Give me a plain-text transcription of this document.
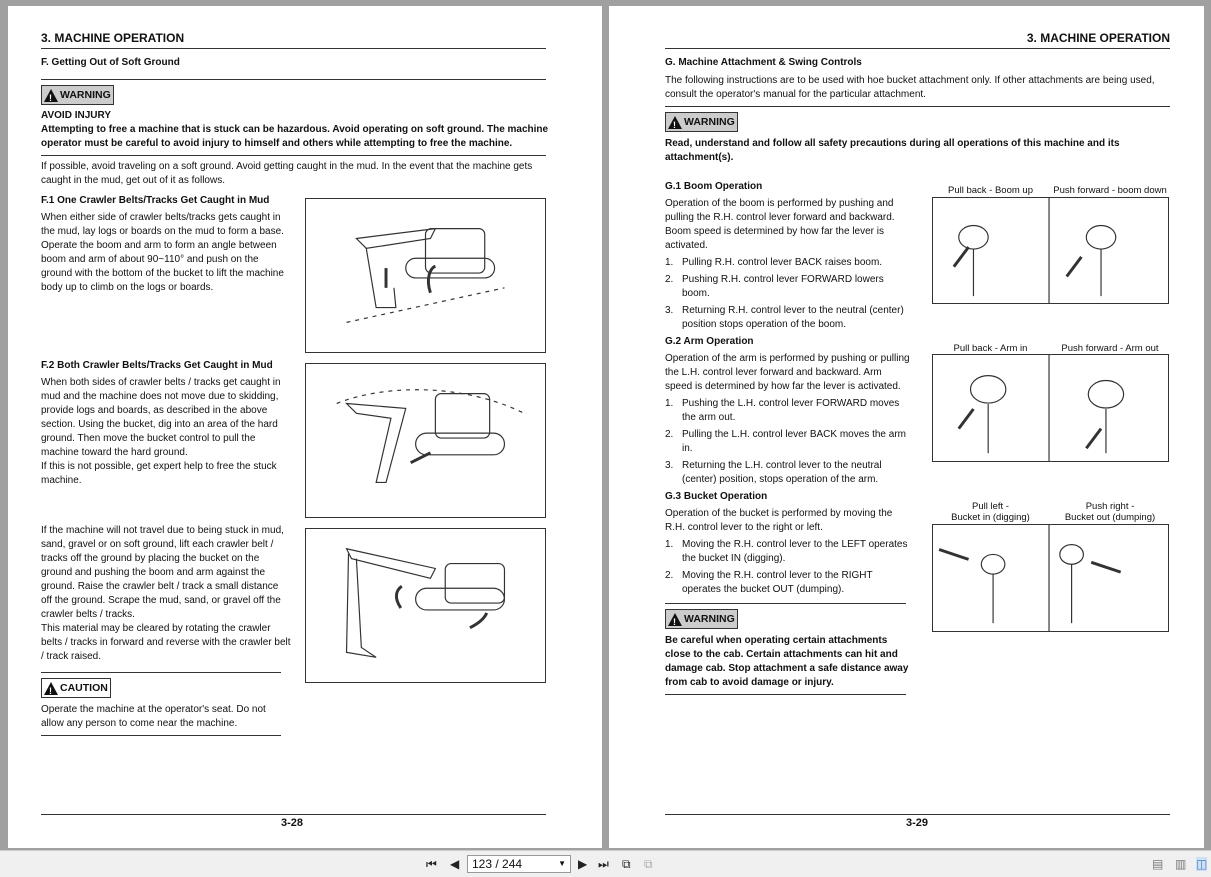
3. MACHINE OPERATION
F. Getting Out of Soft Ground
!
WARNING
AVOID INJURY
Attempting to free a machine that is stuck can be hazardous. Avoid operating on soft ground. The machine operator must be careful to avoid injury to himself and others while attempting to free the machine.
If possible, avoid traveling on a soft ground. Avoid getting caught in the mud. In the event that the machine gets caught in the mud, get out of it as follows.
F.1 One Crawler Belts/Tracks Get Caught in Mud
When either side of crawler belts/tracks gets caught in the mud, lay logs or boards on the mud to form a base. Operate the boom and arm to form an angle between boom and arm of about 90~110° and push on the ground with the bottom of the bucket to lift the machine body up to climb on the logs or boards.
F.2 Both Crawler Belts/Tracks Get Caught in Mud
When both sides of crawler belts / tracks get caught in mud and the machine does not move due to skidding, provide logs and boards, as described in the above section. Using the bucket, dig into an area of the hard ground. Then move the bucket control to pull the machine toward the hard ground.
If this is not possible, get expert help to free the stuck machine.
If the machine will not travel due to being stuck in mud, sand, gravel or on soft ground, lift each crawler belt / tracks off the ground by placing the bucket on the ground and pushing the boom and arm against the ground. Raise the crawler belt / track a small distance off the ground. Scrape the mud, sand, or gravel off the crawler belts / tracks.
This material may be cleared by rotating the crawler belts / tracks in forward and reverse with the crawler belt / track raised.
!
CAUTION
Operate the machine at the operator's seat. Do not allow any person to come near the machine.
3-28
3. MACHINE OPERATION
G. Machine Attachment & Swing Controls
The following instructions are to be used with hoe bucket attachment only. If other attachments are being used, consult the operator's manual for the particular attachment.
!
WARNING
Read, understand and follow all safety precautions during all operations of this machine and its attachment(s).
G.1 Boom Operation
Operation of the boom is performed by pushing and pulling the R.H. control lever forward and backward. Boom speed is determined by how far the lever is activated.
1. Pulling R.H. control lever BACK raises boom.
2. Pushing R.H. control lever FORWARD lowers boom.
3. Returning R.H. control lever to the neutral (center) position stops operation of the boom.
G.2 Arm Operation
Operation of the arm is performed by pushing or pulling the L.H. control lever forward and backward. Arm speed is determined by how far the lever is activated.
1. Pushing the L.H. control lever FORWARD moves the arm out.
2. Pulling the L.H. control lever BACK moves the arm in.
3. Returning the L.H. control lever to the neutral (center) position, stops operation of the arm.
G.3 Bucket Operation
Operation of the bucket is performed by moving the R.H. control lever to the right or left.
1. Moving the R.H. control lever to the LEFT operates the bucket IN (digging).
2. Moving the R.H. control lever to the RIGHT operates the bucket OUT (dumping).
!
WARNING
Be careful when operating certain attachments close to the cab. Certain attachments can hit and damage cab. Stop attachment a safe distance away from cab to avoid damage or injury.
Pull back - Boom up	Push forward - boom down
Pull back - Arm in	Push forward - Arm out
Pull left -
Bucket in (digging)
Push right -
Bucket out (dumping)
3-29
⏮ ◀	123 / 244	▼ ▶ ⏭ ⧉ ⧉	▤ ▥ ◫
